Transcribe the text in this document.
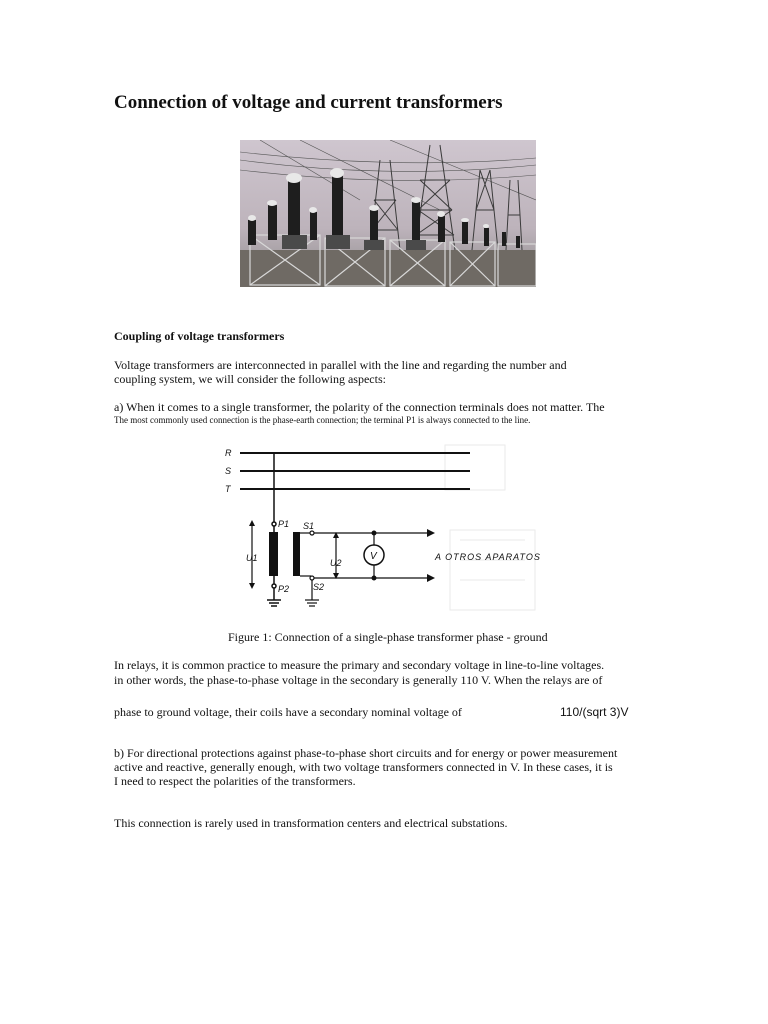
Connection of voltage and current transformers
Coupling of voltage transformers
Voltage transformers are interconnected in parallel with the line and regarding the number and
coupling system, we will consider the following aspects:
a) When it comes to a single transformer, the polarity of the connection terminals does not matter. The
The most commonly used connection is the phase-earth connection; the terminal P1 is always connected to the line.
R
S
T
V
P1
P2
S1
S2
U1	U2
A OTROS APARATOS
Figure 1: Connection of a single-phase transformer phase - ground
In relays, it is common practice to measure the primary and secondary voltage in line-to-line voltages.
in other words, the phase-to-phase voltage in the secondary is generally 110 V. When the relays are of
phase to ground voltage, their coils have a secondary nominal voltage of	110/(sqrt 3)V
b) For directional protections against phase-to-phase short circuits and for energy or power measurement
active and reactive, generally enough, with two voltage transformers connected in V. In these cases, it is
I need to respect the polarities of the transformers.
This connection is rarely used in transformation centers and electrical substations.
